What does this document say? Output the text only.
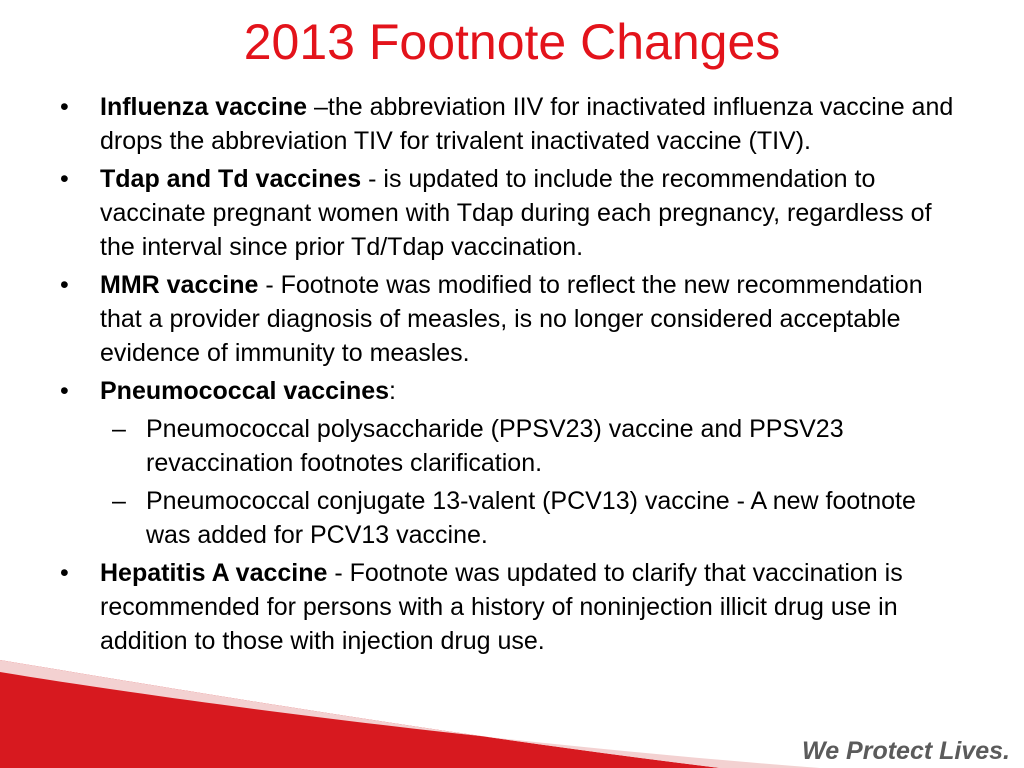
2013 Footnote Changes
• Influenza vaccine –the abbreviation IIV for inactivated influenza vaccine and drops the abbreviation TIV for trivalent inactivated vaccine (TIV).
• Tdap and Td vaccines - is updated to include the recommendation to vaccinate pregnant women with Tdap during each pregnancy, regardless of the interval since prior Td/Tdap vaccination.
• MMR vaccine - Footnote was modified to reflect the new recommendation that a provider diagnosis of measles, is no longer considered acceptable evidence of immunity to measles.
• Pneumococcal vaccines:
– Pneumococcal polysaccharide (PPSV23) vaccine and PPSV23 revaccination footnotes clarification.
– Pneumococcal conjugate 13-valent (PCV13) vaccine - A new footnote was added for PCV13 vaccine.
• Hepatitis A vaccine - Footnote was updated to clarify that vaccination is recommended for persons with a history of noninjection illicit drug use in addition to those with injection drug use.
We Protect Lives.
